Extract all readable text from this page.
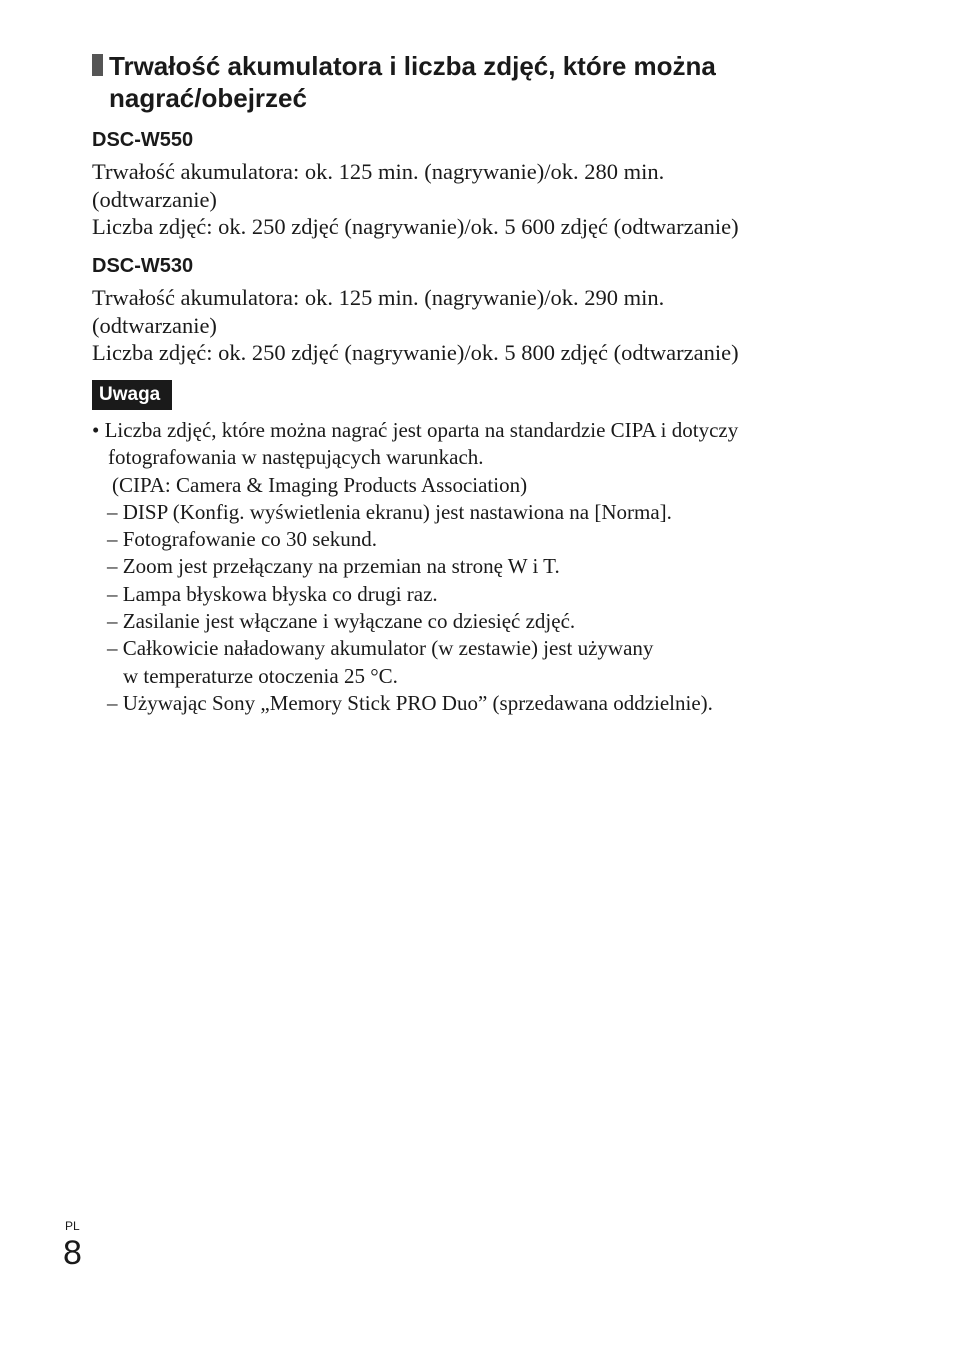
Trwałość akumulatora i liczba zdjęć, które można
nagrać/obejrzeć
DSC-W550
Trwałość akumulatora: ok. 125 min. (nagrywanie)/ok. 280 min.
(odtwarzanie)
Liczba zdjęć: ok. 250 zdjęć (nagrywanie)/ok. 5 600 zdjęć (odtwarzanie)
DSC-W530
Trwałość akumulatora: ok. 125 min. (nagrywanie)/ok. 290 min.
(odtwarzanie)
Liczba zdjęć: ok. 250 zdjęć (nagrywanie)/ok. 5 800 zdjęć (odtwarzanie)
Uwaga
• Liczba zdjęć, które można nagrać jest oparta na standardzie CIPA i dotyczy
fotografowania w następujących warunkach.
(CIPA: Camera & Imaging Products Association)
– DISP (Konfig. wyświetlenia ekranu) jest nastawiona na [Norma].
– Fotografowanie co 30 sekund.
– Zoom jest przełączany na przemian na stronę W i T.
– Lampa błyskowa błyska co drugi raz.
– Zasilanie jest włączane i wyłączane co dziesięć zdjęć.
– Całkowicie naładowany akumulator (w zestawie) jest używany
w temperaturze otoczenia 25 °C.
– Używając Sony „Memory Stick PRO Duo” (sprzedawana oddzielnie).
PL
8
